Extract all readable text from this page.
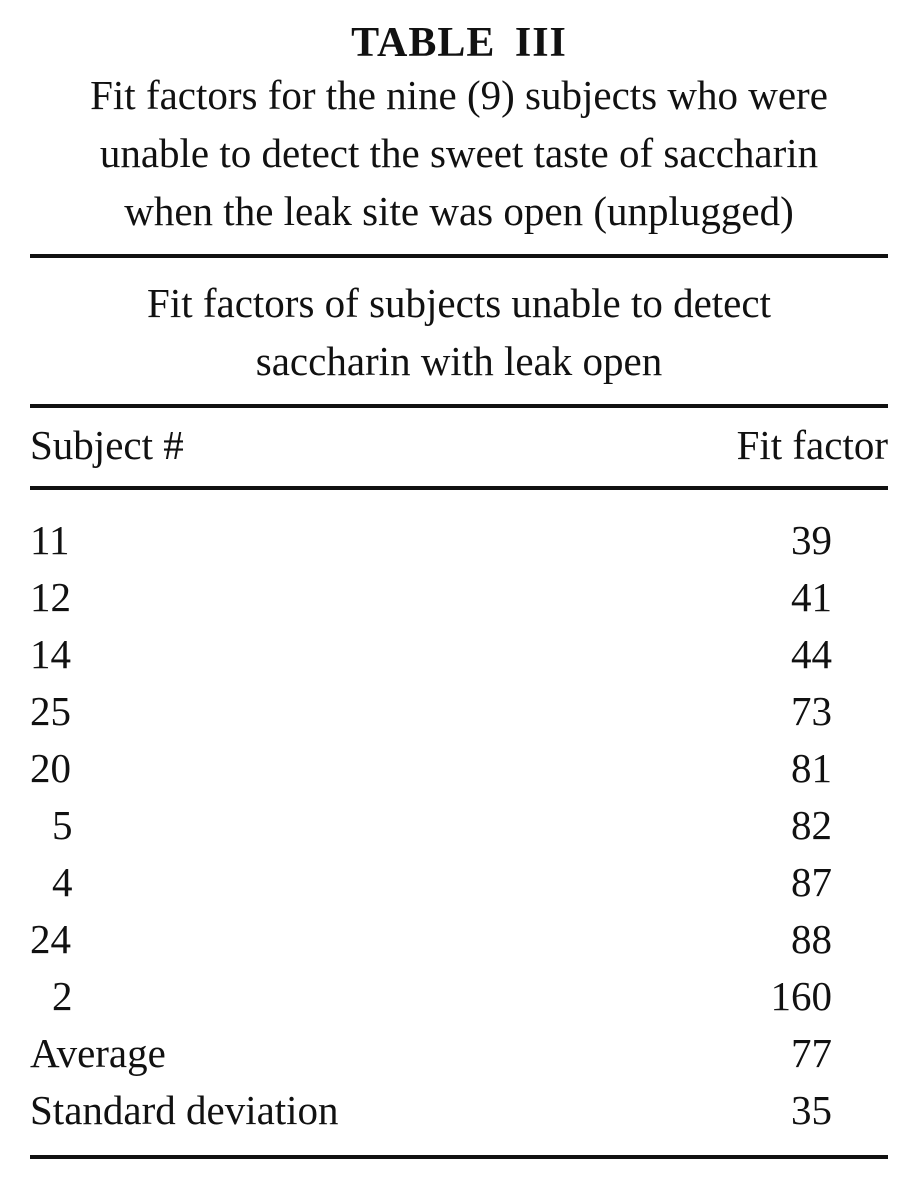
TABLE III
Fit factors for the nine (9) subjects who were
unable to detect the sweet taste of saccharin
when the leak site was open (unplugged)
Fit factors of subjects unable to detect
saccharin with leak open
Subject #	Fit factor
11	39
12	41
14	44
25	73
20	81
5	82
4	87
24	88
2	160
Average	77
Standard deviation	35
